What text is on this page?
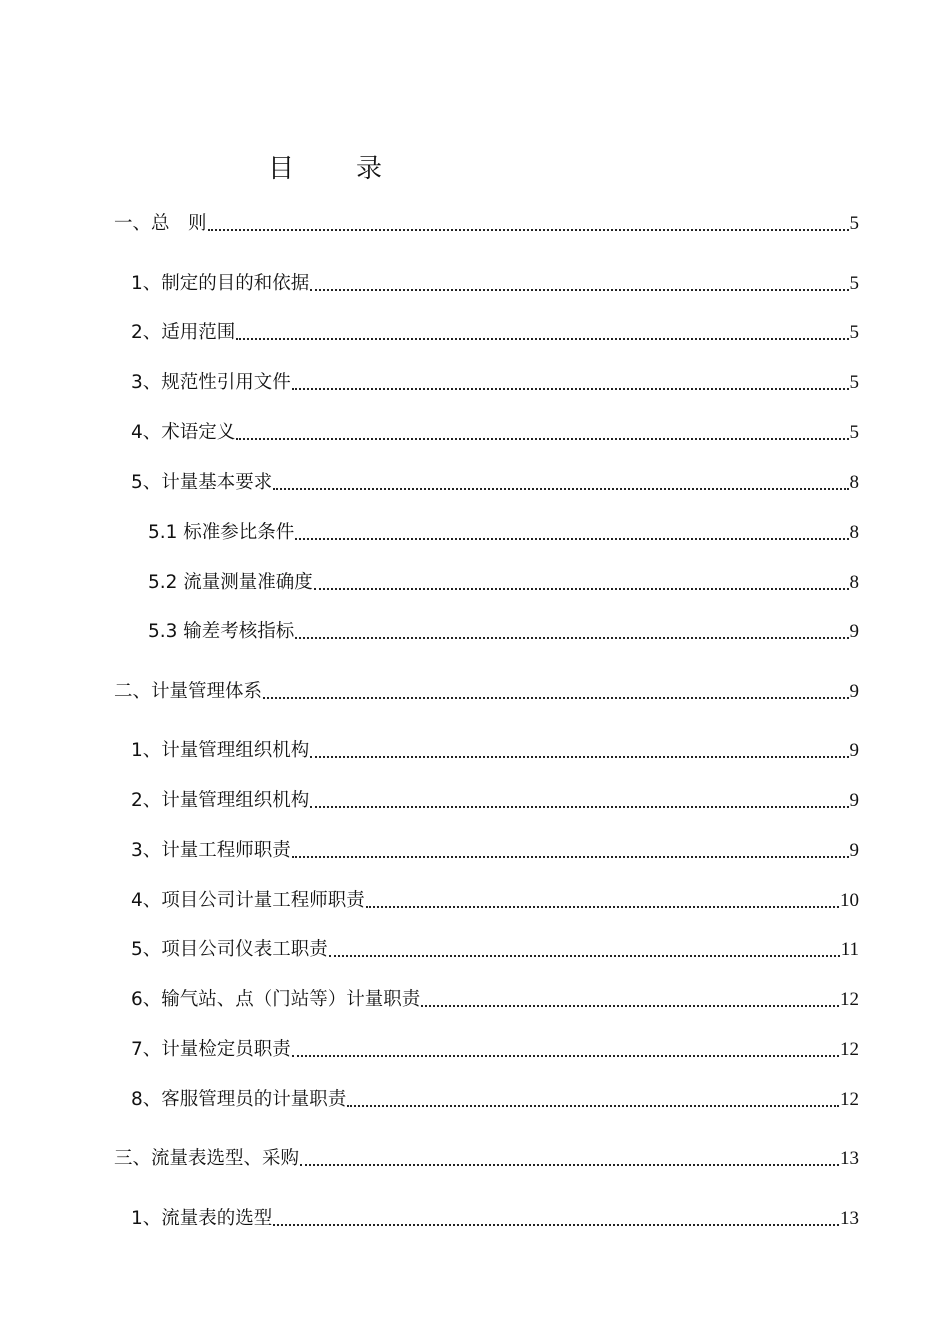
目 录
一、总　则	5
1、制定的目的和依据	5
2、适用范围	5
3、规范性引用文件	5
4、术语定义	5
5、计量基本要求	8
5.1 标准参比条件	8
5.2 流量测量准确度	8
5.3 输差考核指标	9
二、计量管理体系	9
1、计量管理组织机构	9
2、计量管理组织机构	9
3、计量工程师职责	9
4、项目公司计量工程师职责	10
5、项目公司仪表工职责	11
6、输气站、点（门站等）计量职责	12
7、计量检定员职责	12
8、客服管理员的计量职责	12
三、流量表选型、采购	13
1、流量表的选型	13
